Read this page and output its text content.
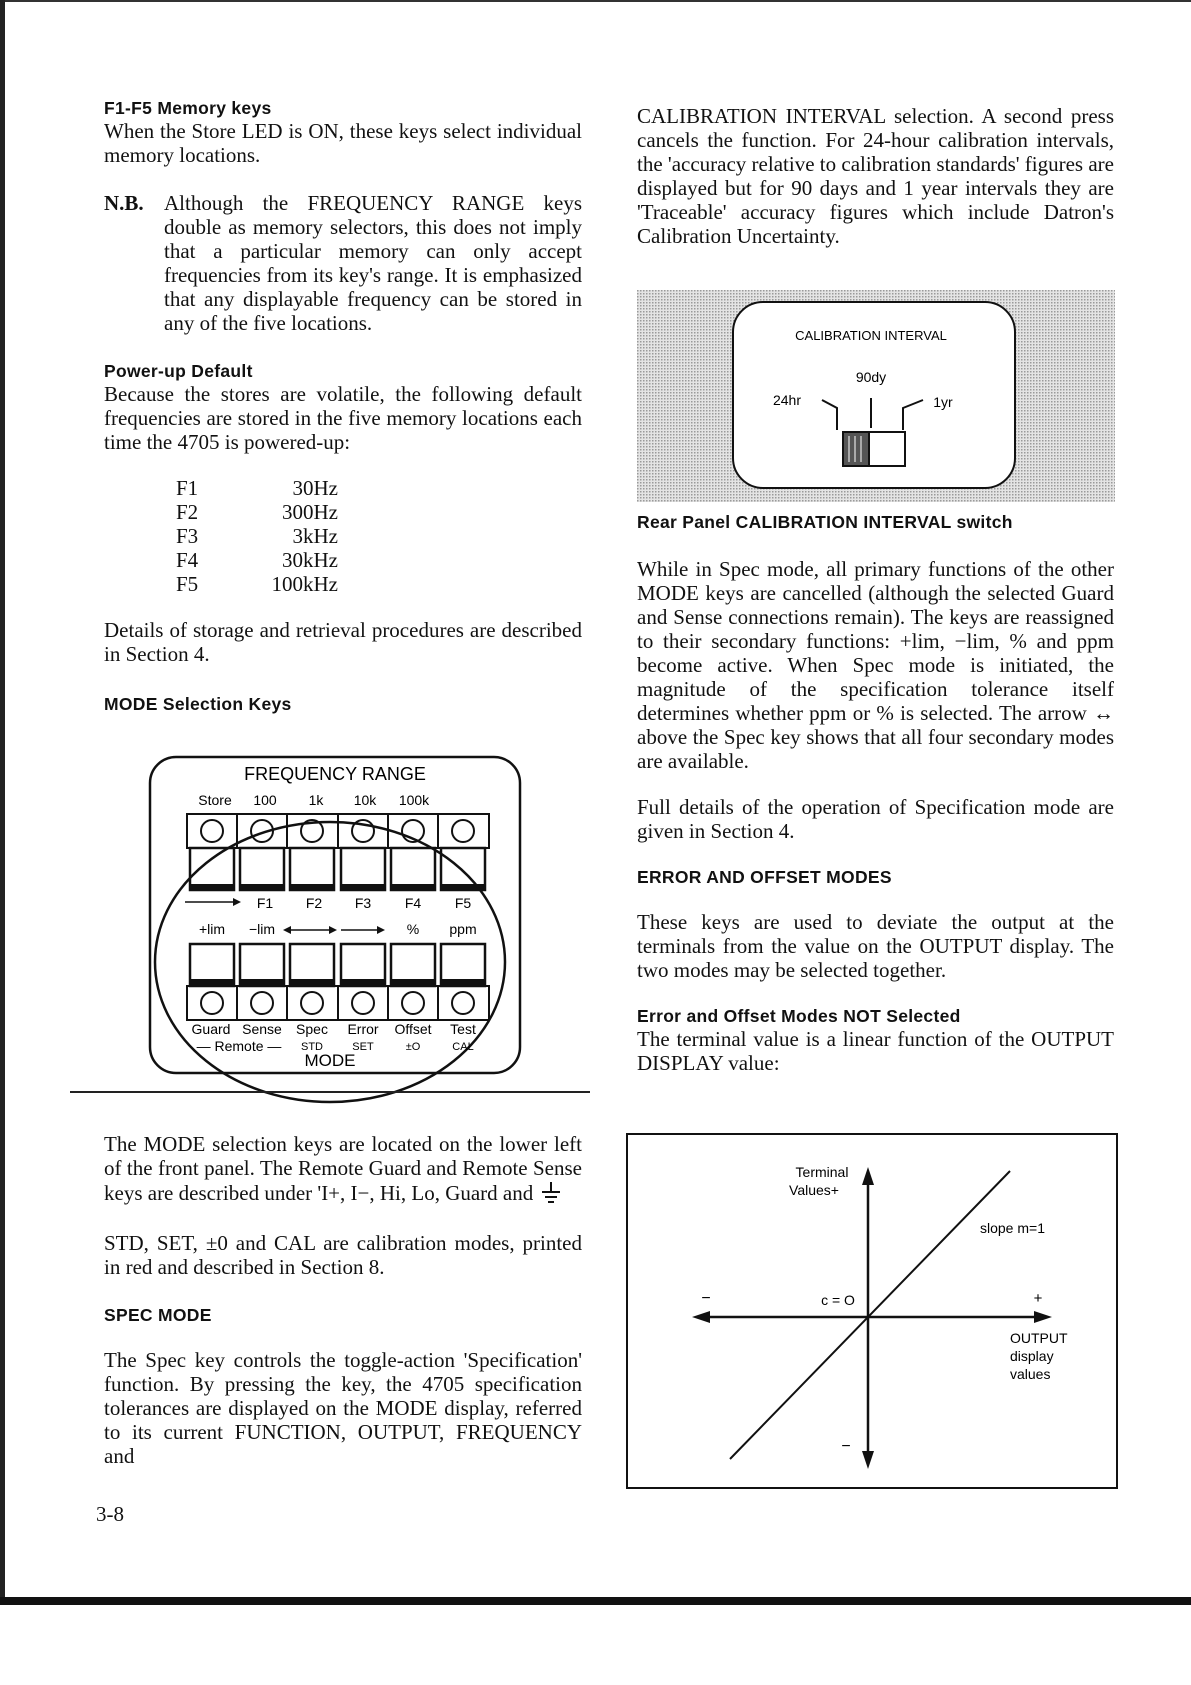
F1-F5 Memory keys

When the Store LED is ON, these keys select individual memory locations.

N.B. Although the FREQUENCY RANGE keys double as memory selectors, this does not imply that a particular memory can only accept frequencies from its key's range. It is emphasized that any displayable frequency can be stored in any of the five locations.
Power-up Default

Because the stores are volatile, the following default frequencies are stored in the five memory locations each time the 4705 is powered-up:

F1	30Hz
F2	300Hz
F3	3kHz
F4	30kHz
F5	100kHz

Details of storage and retrieval procedures are described in Section 4.

MODE Selection Keys
FREQUENCY RANGE
Store 100 1k 10k 100k
F1 F2 F3 F4 F5
+lim −lim	% ppm
Guard Sense Spec Error Offset Test
— Remote — STD	SET	±O	CAL
MODE

The MODE selection keys are located on the lower left of the front panel. The Remote Guard and Remote Sense keys are described under 'I+, I−, Hi, Lo, Guard and

STD, SET, ±0 and CAL are calibration modes, printed in red and described in Section 8.

SPEC MODE

The Spec key controls the toggle-action 'Specification' function. By pressing the key, the 4705 specification tolerances are displayed on the MODE display, referred to its current FUNCTION, OUTPUT, FREQUENCY and

3-8

CALIBRATION INTERVAL selection. A second press cancels the function. For 24-hour calibration intervals, the 'accuracy relative to calibration standards' figures are displayed but for 90 days and 1 year intervals they are 'Traceable' accuracy figures which include Datron's Calibration Uncertainty.

CALIBRATION INTERVAL
90dy
24hr	1yr
Rear Panel CALIBRATION INTERVAL switch

While in Spec mode, all primary functions of the other MODE keys are cancelled (although the selected Guard and Sense connections remain). The keys are reassigned to their secondary functions: +lim, −lim, % and ppm become active. When Spec mode is initiated, the magnitude of the specification tolerance itself determines whether ppm or % is selected. The arrow ↔ above the Spec key shows that all four secondary modes are available.

Full details of the operation of Specification mode are given in Section 4.

ERROR AND OFFSET MODES

These keys are used to deviate the output at the terminals from the value on the OUTPUT display. The two modes may be selected together.

Error and Offset Modes NOT Selected

The terminal value is a linear function of the OUTPUT DISPLAY value:

Terminal
Values+
slope m=1
c = O
−	+
OUTPUT
display
values
−
